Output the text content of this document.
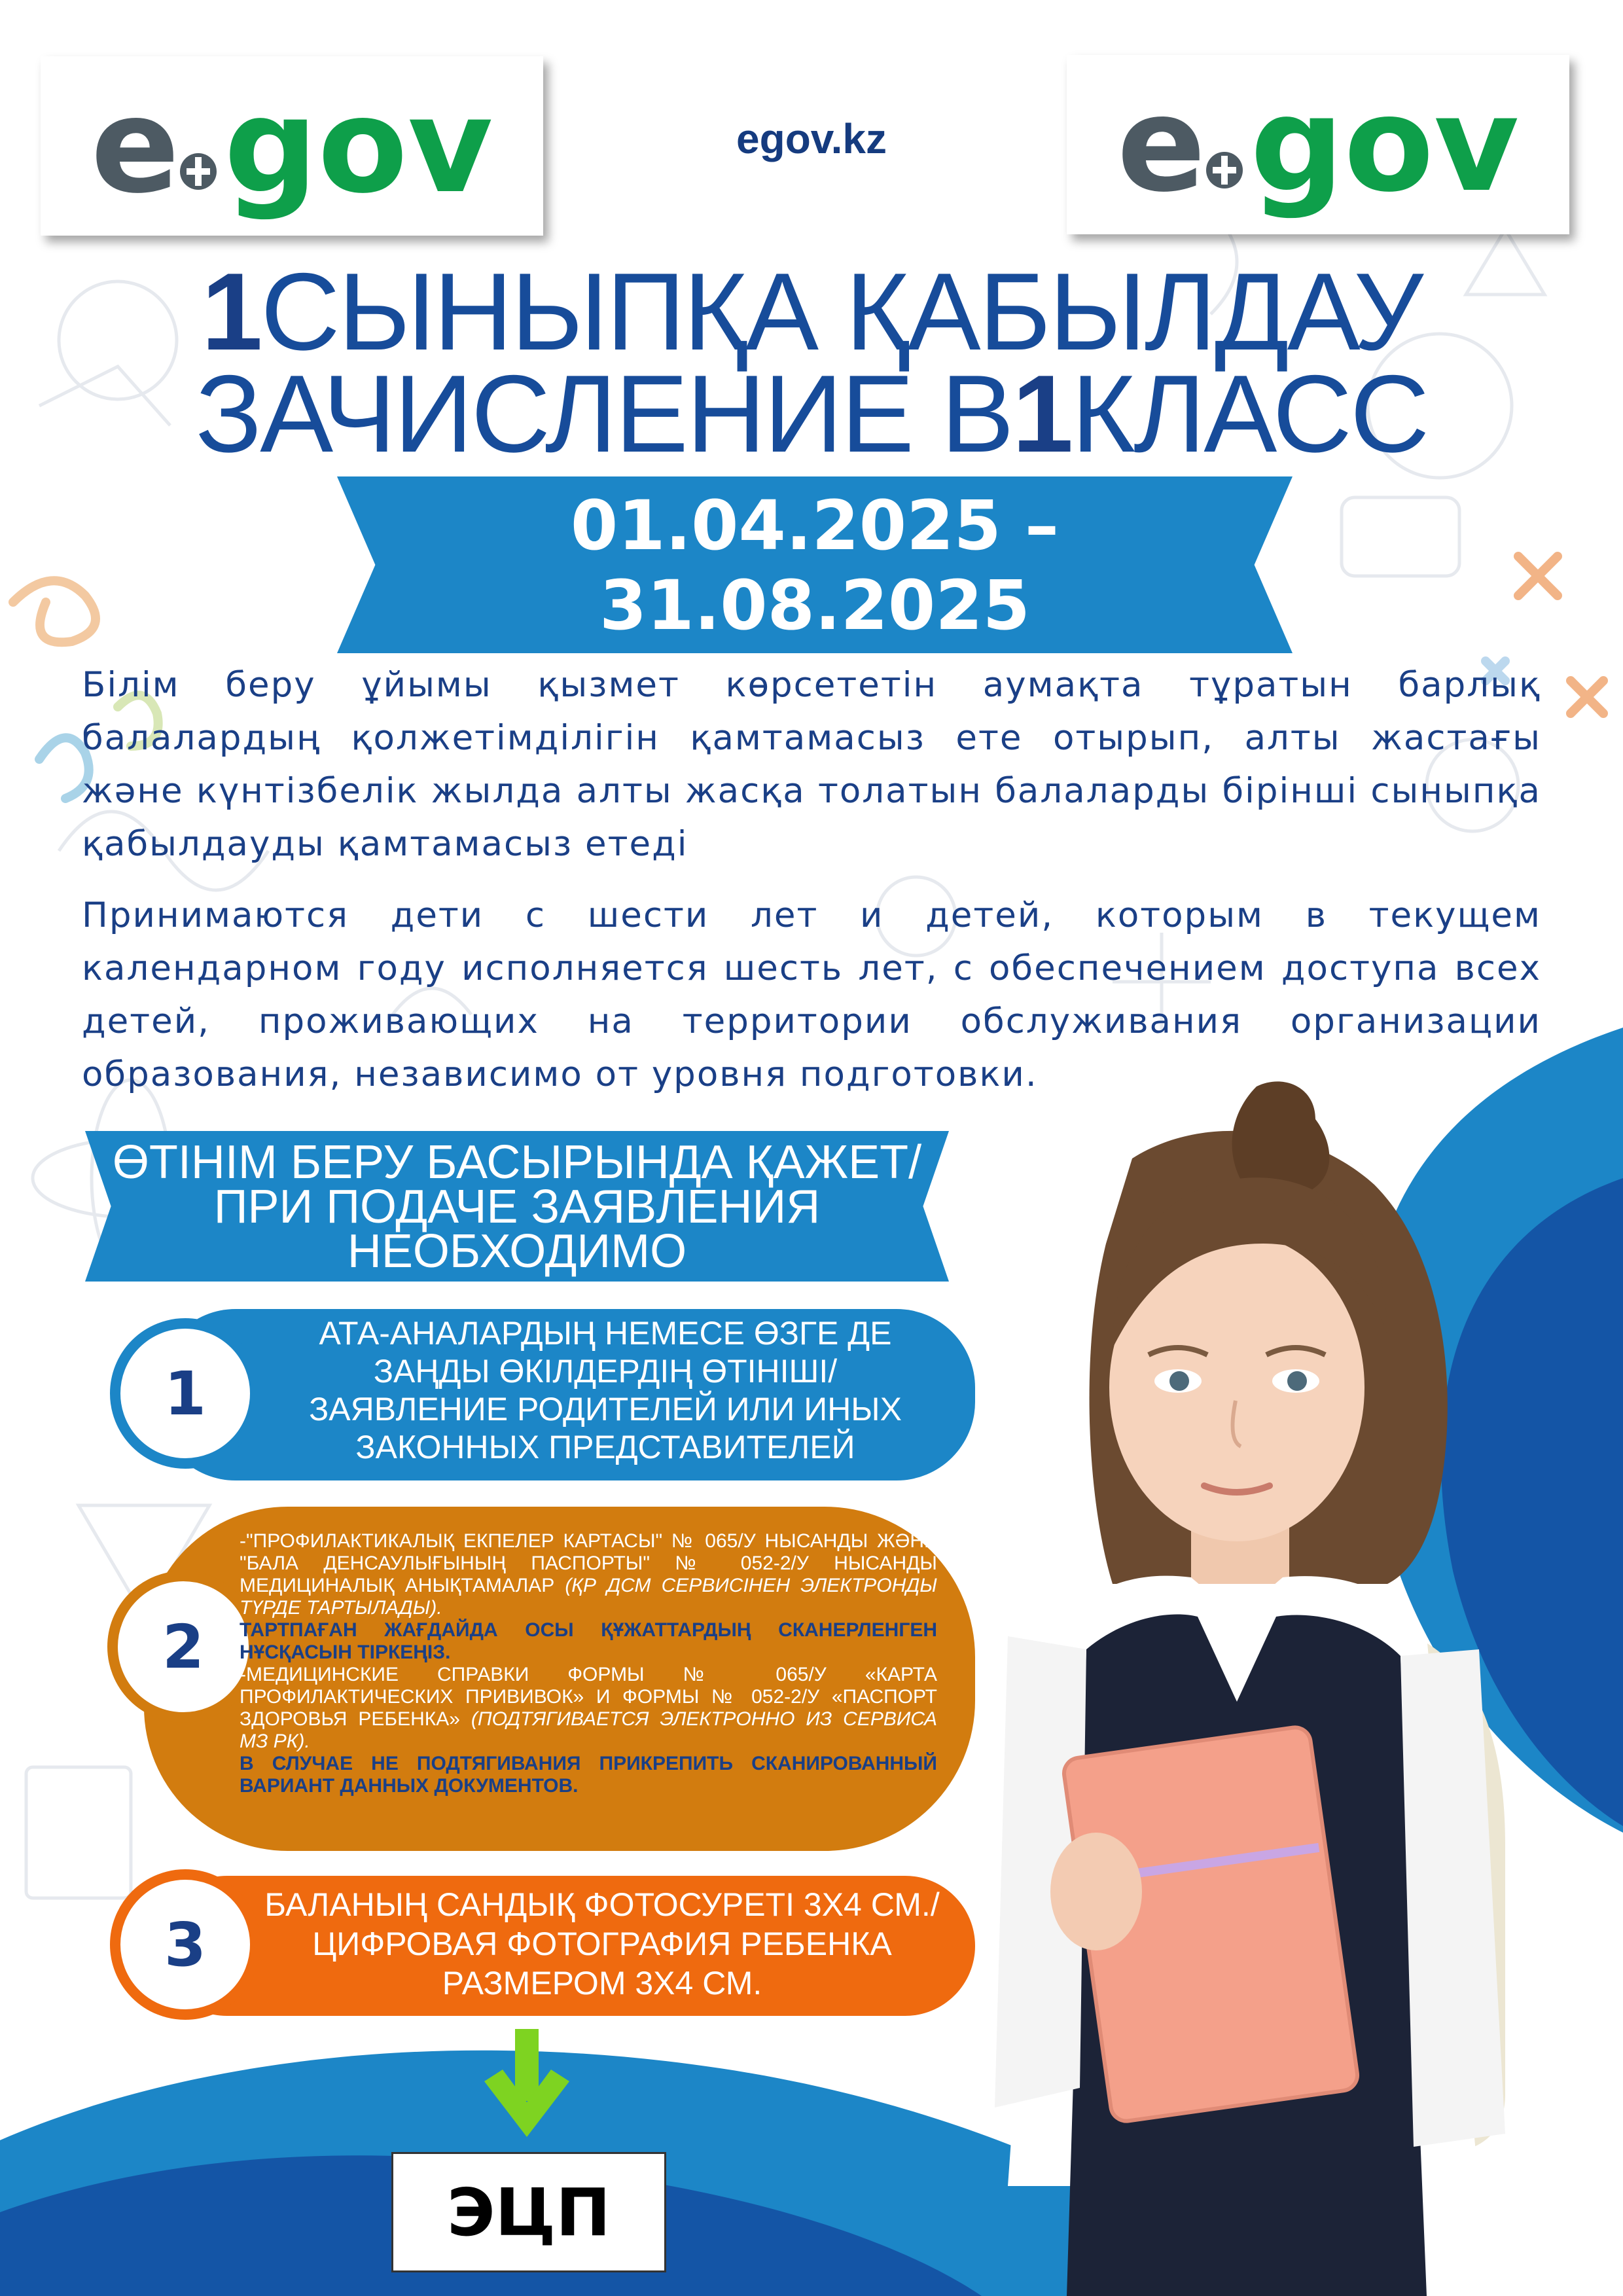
e gov	egov.kz e gov
1СЫНЫПҚА ҚАБЫЛДАУ
ЗАЧИСЛЕНИЕ В1КЛАСС
01.04.2025 –
31.08.2025
Білім беру ұйымы қызмет көрсететін аумақта тұратын барлық балалардың қолжетімділігін қамтамасыз ете отырып, алты жастағы және күнтізбелік жылда алты жасқа толатын балаларды бірінші сыныпқа қабылдауды қамтамасыз етеді
Принимаются дети с шести лет и детей, которым в текущем календарном году исполняется шесть лет, с обеспечением доступа всех детей, проживающих на территории обслуживания организации образования, независимо от уровня подготовки.
ӨТІНІМ БЕРУ БАСЫРЫНДА ҚАЖЕТ/
ПРИ ПОДАЧЕ ЗАЯВЛЕНИЯ
НЕОБХОДИМО
1
АТА-АНАЛАРДЫҢ НЕМЕСЕ ӨЗГЕ ДЕ
ЗАҢДЫ ӨКІЛДЕРДІҢ ӨТІНІШІ/
ЗАЯВЛЕНИЕ РОДИТЕЛЕЙ ИЛИ ИНЫХ
ЗАКОННЫХ ПРЕДСТАВИТЕЛЕЙ
2
-"ПРОФИЛАКТИКАЛЫҚ ЕКПЕЛЕР КАРТАСЫ" № 065/У НЫСАНДЫ ЖӘНЕ "БАЛА ДЕНСАУЛЫҒЫНЫҢ ПАСПОРТЫ" № 052-2/У НЫСАНДЫ МЕДИЦИНАЛЫҚ АНЫҚТАМАЛАР (ҚР ДСМ СЕРВИСІНЕН ЭЛЕКТРОНДЫ ТҮРДЕ ТАРТЫЛАДЫ).
ТАРТПАҒАН ЖАҒДАЙДА ОСЫ ҚҰЖАТТАРДЫҢ СКАНЕРЛЕНГЕН НҰСҚАСЫН ТІРКЕҢІЗ.
-МЕДИЦИНСКИЕ СПРАВКИ ФОРМЫ № 065/У «КАРТА ПРОФИЛАКТИЧЕСКИХ ПРИВИВОК» И ФОРМЫ № 052-2/У «ПАСПОРТ ЗДОРОВЬЯ РЕБЕНКА» (ПОДТЯГИВАЕТСЯ ЭЛЕКТРОННО ИЗ СЕРВИСА МЗ РК).
В СЛУЧАЕ НЕ ПОДТЯГИВАНИЯ ПРИКРЕПИТЬ СКАНИРОВАННЫЙ ВАРИАНТ ДАННЫХ ДОКУМЕНТОВ.
3
БАЛАНЫҢ САНДЫҚ ФОТОСУРЕТІ 3Х4 СМ./
ЦИФРОВАЯ ФОТОГРАФИЯ РЕБЕНКА
РАЗМЕРОМ 3Х4 СМ.
ЭЦП
